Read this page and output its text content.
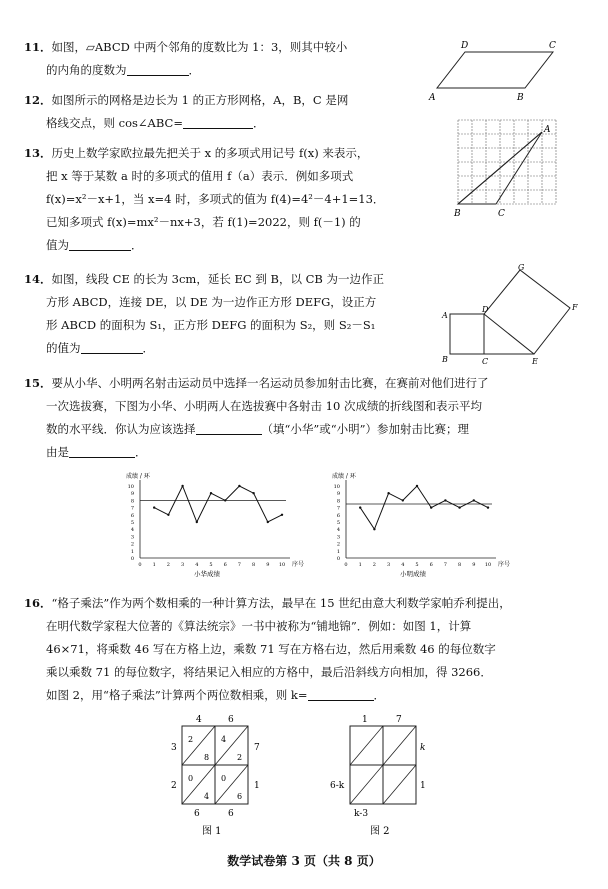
11．如图，▱ABCD 中两个邻角的度数比为 1：3，则其中较小
的内角的度数为	．
D	C
A	B
12．如图所示的网格是边长为 1 的正方形网格，A，B，C 是网
格线交点，则 cos∠ABC=	．	A
B	C
13．历史上数学家欧拉最先把关于 x 的多项式用记号 f(x) 来表示，
把 x 等于某数 a 时的多项式的值用 f（a）表示．例如多项式
f(x)=x²－x+1，当 x=4 时，多项式的值为 f(4)=4²－4+1=13．
已知多项式 f(x)=mx²－nx+3，若 f(1)=2022，则 f(－1) 的
值为	．
14．如图，线段 CE 的长为 3cm，延长 EC 到 B，以 CB 为一边作正
方形 ABCD，连接 DE，以 DE 为一边作正方形 DEFG，设正方
形 ABCD 的面积为 S₁，正方形 DEFG 的面积为 S₂，则 S₂－S₁
的值为	．
G
F
A
D
B	C	E
15．要从小华、小明两名射击运动员中选择一名运动员参加射击比赛，在赛前对他们进行了
一次选拔赛，下图为小华、小明两人在选拔赛中各射击 10 次成绩的折线图和表示平均
数的水平线．你认为应该选择	（填“小华”或“小明”）参加射击比赛；理
由是	．
0
1
2
3
4
5
6
7
8
9
10
0 1 2 3 4 5 6 7 8 9 10
成绩 / 环
序号
小华成绩
0
1
2
3
4
5
6
7
8
9
10
0 1 2 3 4 5 6 7 8 9 10
成绩 / 环
序号
小明成绩
16．“格子乘法”作为两个数相乘的一种计算方法，最早在 15 世纪由意大利数学家帕乔利提出，
在明代数学家程大位著的《算法统宗》一书中被称为“铺地锦”．例如：如图 1，计算
46×71，将乘数 46 写在方格上边，乘数 71 写在方格右边，然后用乘数 46 的每位数字
乘以乘数 71 的每位数字，将结果记入相应的方格中，最后沿斜线方向相加，得 3266．
如图 2，用“格子乘法”计算两个两位数相乘，则 k=	．
4	6
7
1
3
2
6	6
2
8
4
2
0
4
0
6
图 1
1	7
k
1
6-k
k-3
图 2
数学试卷第 3 页（共 8 页）
